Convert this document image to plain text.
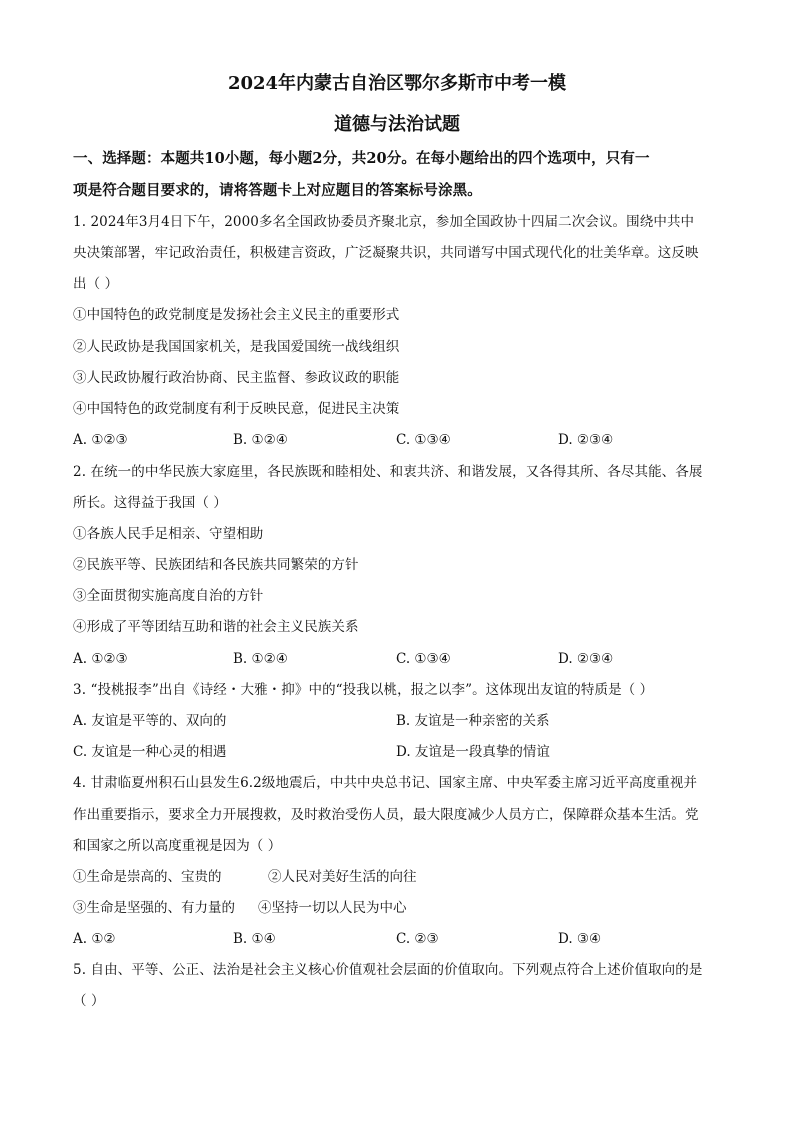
2024年内蒙古自治区鄂尔多斯市中考一模
道德与法治试题
一、选择题：本题共10小题，每小题2分，共20分。在每小题给出的四个选项中，只有一
项是符合题目要求的，请将答题卡上对应题目的答案标号涂黑。
1. 2024年3月4日下午，2000多名全国政协委员齐聚北京，参加全国政协十四届二次会议。围绕中共中
央决策部署，牢记政治责任，积极建言资政，广泛凝聚共识，共同谱写中国式现代化的壮美华章。这反映
出（ ）
①中国特色的政党制度是发扬社会主义民主的重要形式
②人民政协是我国国家机关，是我国爱国统一战线组织
③人民政协履行政治协商、民主监督、参政议政的职能
④中国特色的政党制度有利于反映民意，促进民主决策
A. ①②③	B. ①②④	C. ①③④	D. ②③④
2. 在统一的中华民族大家庭里，各民族既和睦相处、和衷共济、和谐发展，又各得其所、各尽其能、各展
所长。这得益于我国（ ）
①各族人民手足相亲、守望相助
②民族平等、民族团结和各民族共同繁荣的方针
③全面贯彻实施高度自治的方针
④形成了平等团结互助和谐的社会主义民族关系
A. ①②③	B. ①②④	C. ①③④	D. ②③④
3. “投桃报李”出自《诗经・大雅・抑》中的“投我以桃，报之以李”。这体现出友谊的特质是（ ）
A. 友谊是平等的、双向的	B. 友谊是一种亲密的关系
C. 友谊是一种心灵的相遇	D. 友谊是一段真挚的情谊
4. 甘肃临夏州积石山县发生6.2级地震后，中共中央总书记、国家主席、中央军委主席习近平高度重视并
作出重要指示，要求全力开展搜救，及时救治受伤人员，最大限度减少人员方亡，保障群众基本生活。党
和国家之所以高度重视是因为（ ）
①生命是崇高的、宝贵的	②人民对美好生活的向往
③生命是坚强的、有力量的 ④坚持一切以人民为中心
A. ①②	B. ①④	C. ②③	D. ③④
5. 自由、平等、公正、法治是社会主义核心价值观社会层面的价值取向。下列观点符合上述价值取向的是
（ ）
